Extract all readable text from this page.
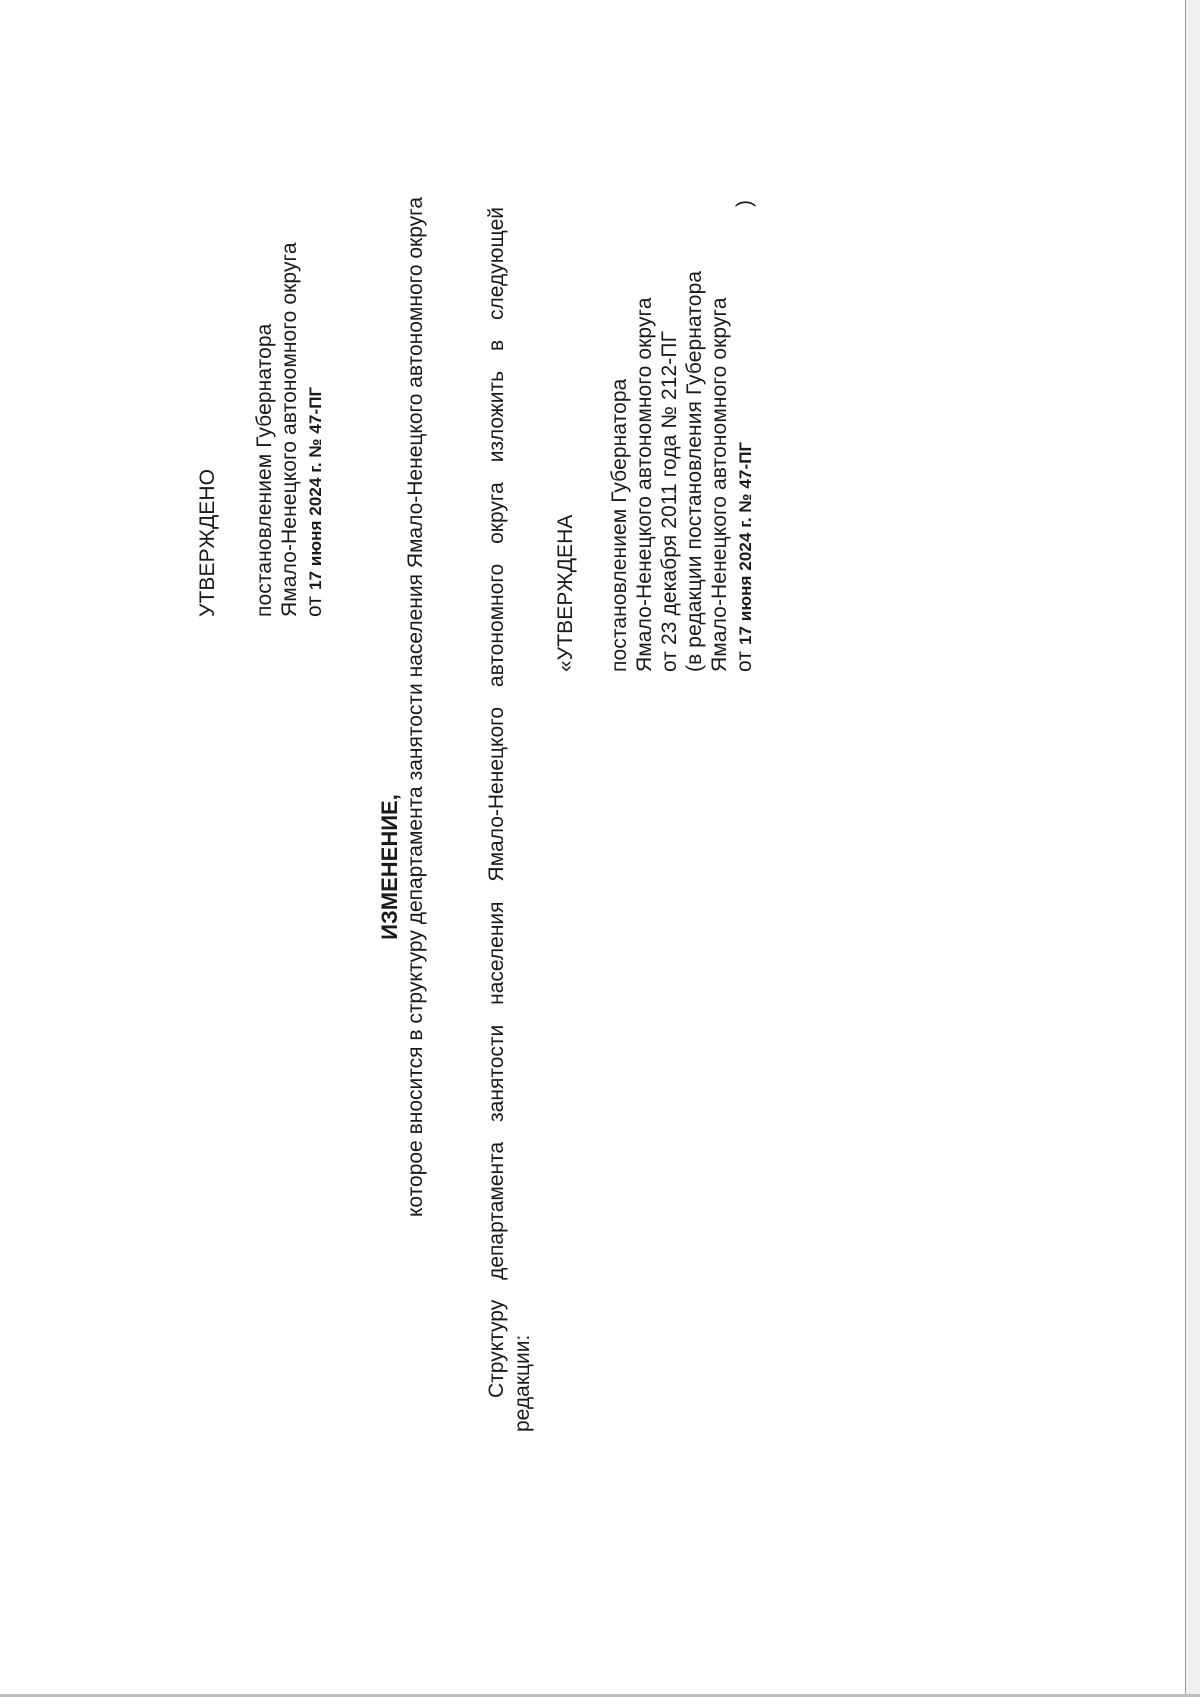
УТВЕРЖДЕНО постановлением Губернатора Ямало-Ненецкого автономного округа от 17 июня 2024 г. № 47-ПГ
ИЗМЕНЕНИЕ, которое вносится в структуру департамента занятости населения Ямало-Ненецкого автономного округа	Структуру департамента занятости населения Ямало-Ненецкого автономного округа изложить в следующей редакции:
«УТВЕРЖДЕНА постановлением Губернатора Ямало-Ненецкого автономного округа от 23 декабря 2011 года № 212-ПГ (в редакции постановления Губернатора Ямало-Ненецкого автономного округа от 17 июня 2024 г. № 47-ПГ
)
